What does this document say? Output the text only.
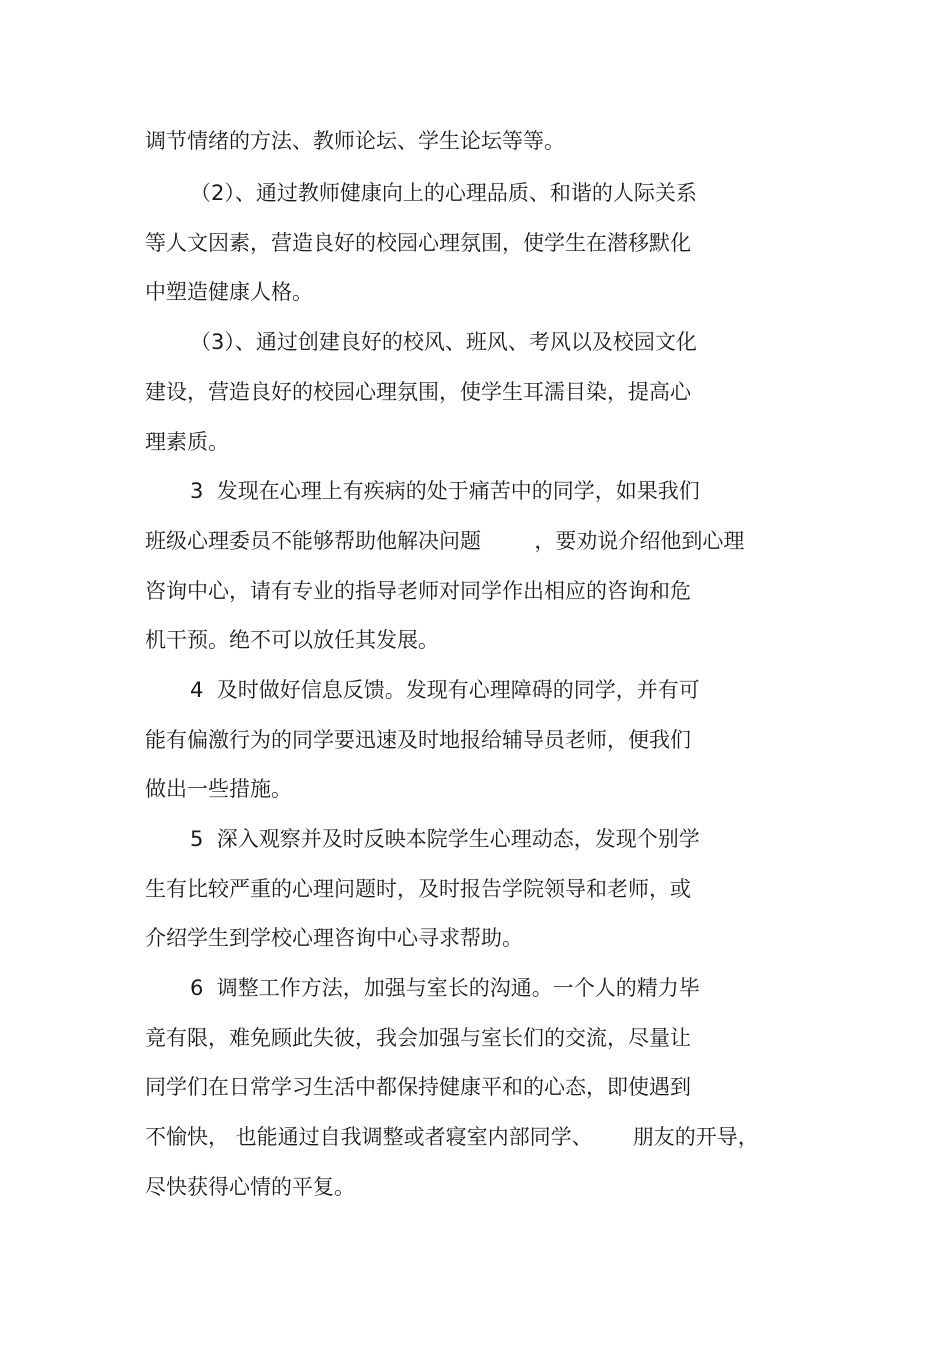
调节情绪的方法、教师论坛、学生论坛等等。
（2）、通过教师健康向上的心理品质、和谐的人际关系
等人文因素，营造良好的校园心理氛围，使学生在潜移默化
中塑造健康人格。
（3）、通过创建良好的校风、班风、考风以及校园文化
建设，营造良好的校园心理氛围，使学生耳濡目染，提高心
理素质。
3  发现在心理上有疾病的处于痛苦中的同学，如果我们
班级心理委员不能够帮助他解决问题        ，要劝说介绍他到心理
咨询中心，请有专业的指导老师对同学作出相应的咨询和危
机干预。绝不可以放任其发展。
4  及时做好信息反馈。发现有心理障碍的同学，并有可
能有偏激行为的同学要迅速及时地报给辅导员老师，便我们
做出一些措施。
5  深入观察并及时反映本院学生心理动态，发现个别学
生有比较严重的心理问题时，及时报告学院领导和老师，或
介绍学生到学校心理咨询中心寻求帮助。
6  调整工作方法，加强与室长的沟通。一个人的精力毕
竟有限，难免顾此失彼，我会加强与室长们的交流，尽量让
同学们在日常学习生活中都保持健康平和的心态，即使遇到
不愉快， 也能通过自我调整或者寝室内部同学、      朋友的开导，
尽快获得心情的平复。
